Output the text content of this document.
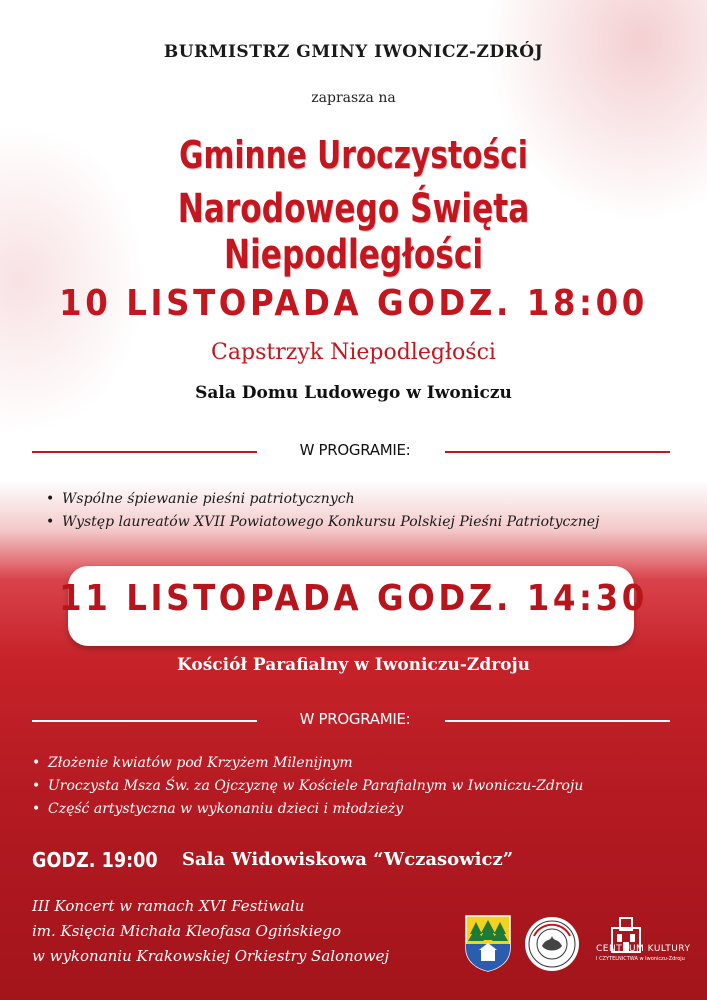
BURMISTRZ GMINY IWONICZ-ZDRÓJ
zaprasza na
Gminne Uroczystości
Narodowego Święta Niepodległości
10 LISTOPADA GODZ. 18:00
Capstrzyk Niepodległości
Sala Domu Ludowego w Iwoniczu
W PROGRAMIE:
• Wspólne śpiewanie pieśni patriotycznych
• Występ laureatów XVII Powiatowego Konkursu Polskiej Pieśni Patriotycznej
11 LISTOPADA GODZ. 14:30
Kościół Parafialny w Iwoniczu-Zdroju
W PROGRAMIE:
• Złożenie kwiatów pod Krzyżem Milenijnym
• Uroczysta Msza Św. za Ojczyznę w Kościele Parafialnym w Iwoniczu-Zdroju
• Część artystyczna w wykonaniu dzieci i młodzieży
GODZ. 19:00 Sala Widowiskowa “Wczasowicz”
III Koncert w ramach XVI Festiwalu
im. Księcia Michała Kleofasa Ogińskiego
w wykonaniu Krakowskiej Orkiestry Salonowej	CENTRUM KULTURY
I CZYTELNICTWA w Iwoniczu-Zdroju
